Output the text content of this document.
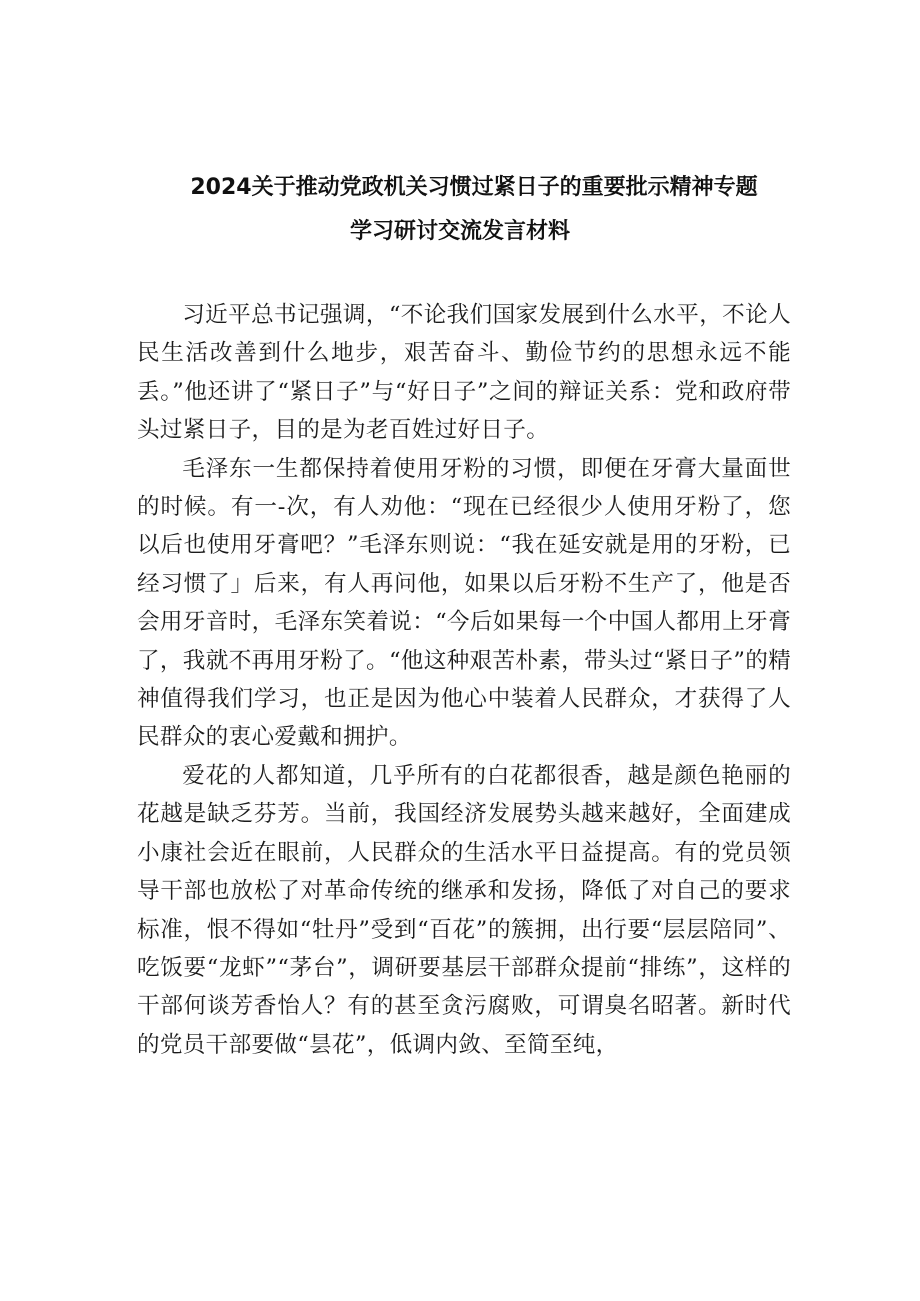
2024关于推动党政机关习惯过紧日子的重要批示精神专题
学习研讨交流发言材料

习近平总书记强调，“不论我们国家发展到什么水平，不论人民生活改善到什么地步，艰苦奋斗、勤俭节约的思想永远不能丢。”他还讲了“紧日子”与“好日子”之间的辩证关系：党和政府带头过紧日子，目的是为老百姓过好日子。

毛泽东一生都保持着使用牙粉的习惯，即便在牙膏大量面世的时候。有一-次，有人劝他：“现在已经很少人使用牙粉了，您以后也使用牙膏吧？”毛泽东则说：“我在延安就是用的牙粉，已经习惯了」后来，有人再问他，如果以后牙粉不生产了，他是否会用牙音时，毛泽东笑着说：“今后如果每一个中国人都用上牙膏了，我就不再用牙粉了。“他这种艰苦朴素，带头过“紧日子”的精神值得我们学习，也正是因为他心中装着人民群众，才获得了人民群众的衷心爱戴和拥护。

爱花的人都知道，几乎所有的白花都很香，越是颜色艳丽的花越是缺乏芬芳。当前，我国经济发展势头越来越好，全面建成小康社会近在眼前，人民群众的生活水平日益提高。有的党员领导干部也放松了对革命传统的继承和发扬，降低了对自己的要求标准，恨不得如“牡丹”受到“百花”的簇拥，出行要“层层陪同”、吃饭要“龙虾”“茅台”，调研要基层干部群众提前“排练”，这样的干部何谈芳香怡人？有的甚至贪污腐败，可谓臭名昭著。新时代的党员干部要做“昙花”，低调内敛、至简至纯，
